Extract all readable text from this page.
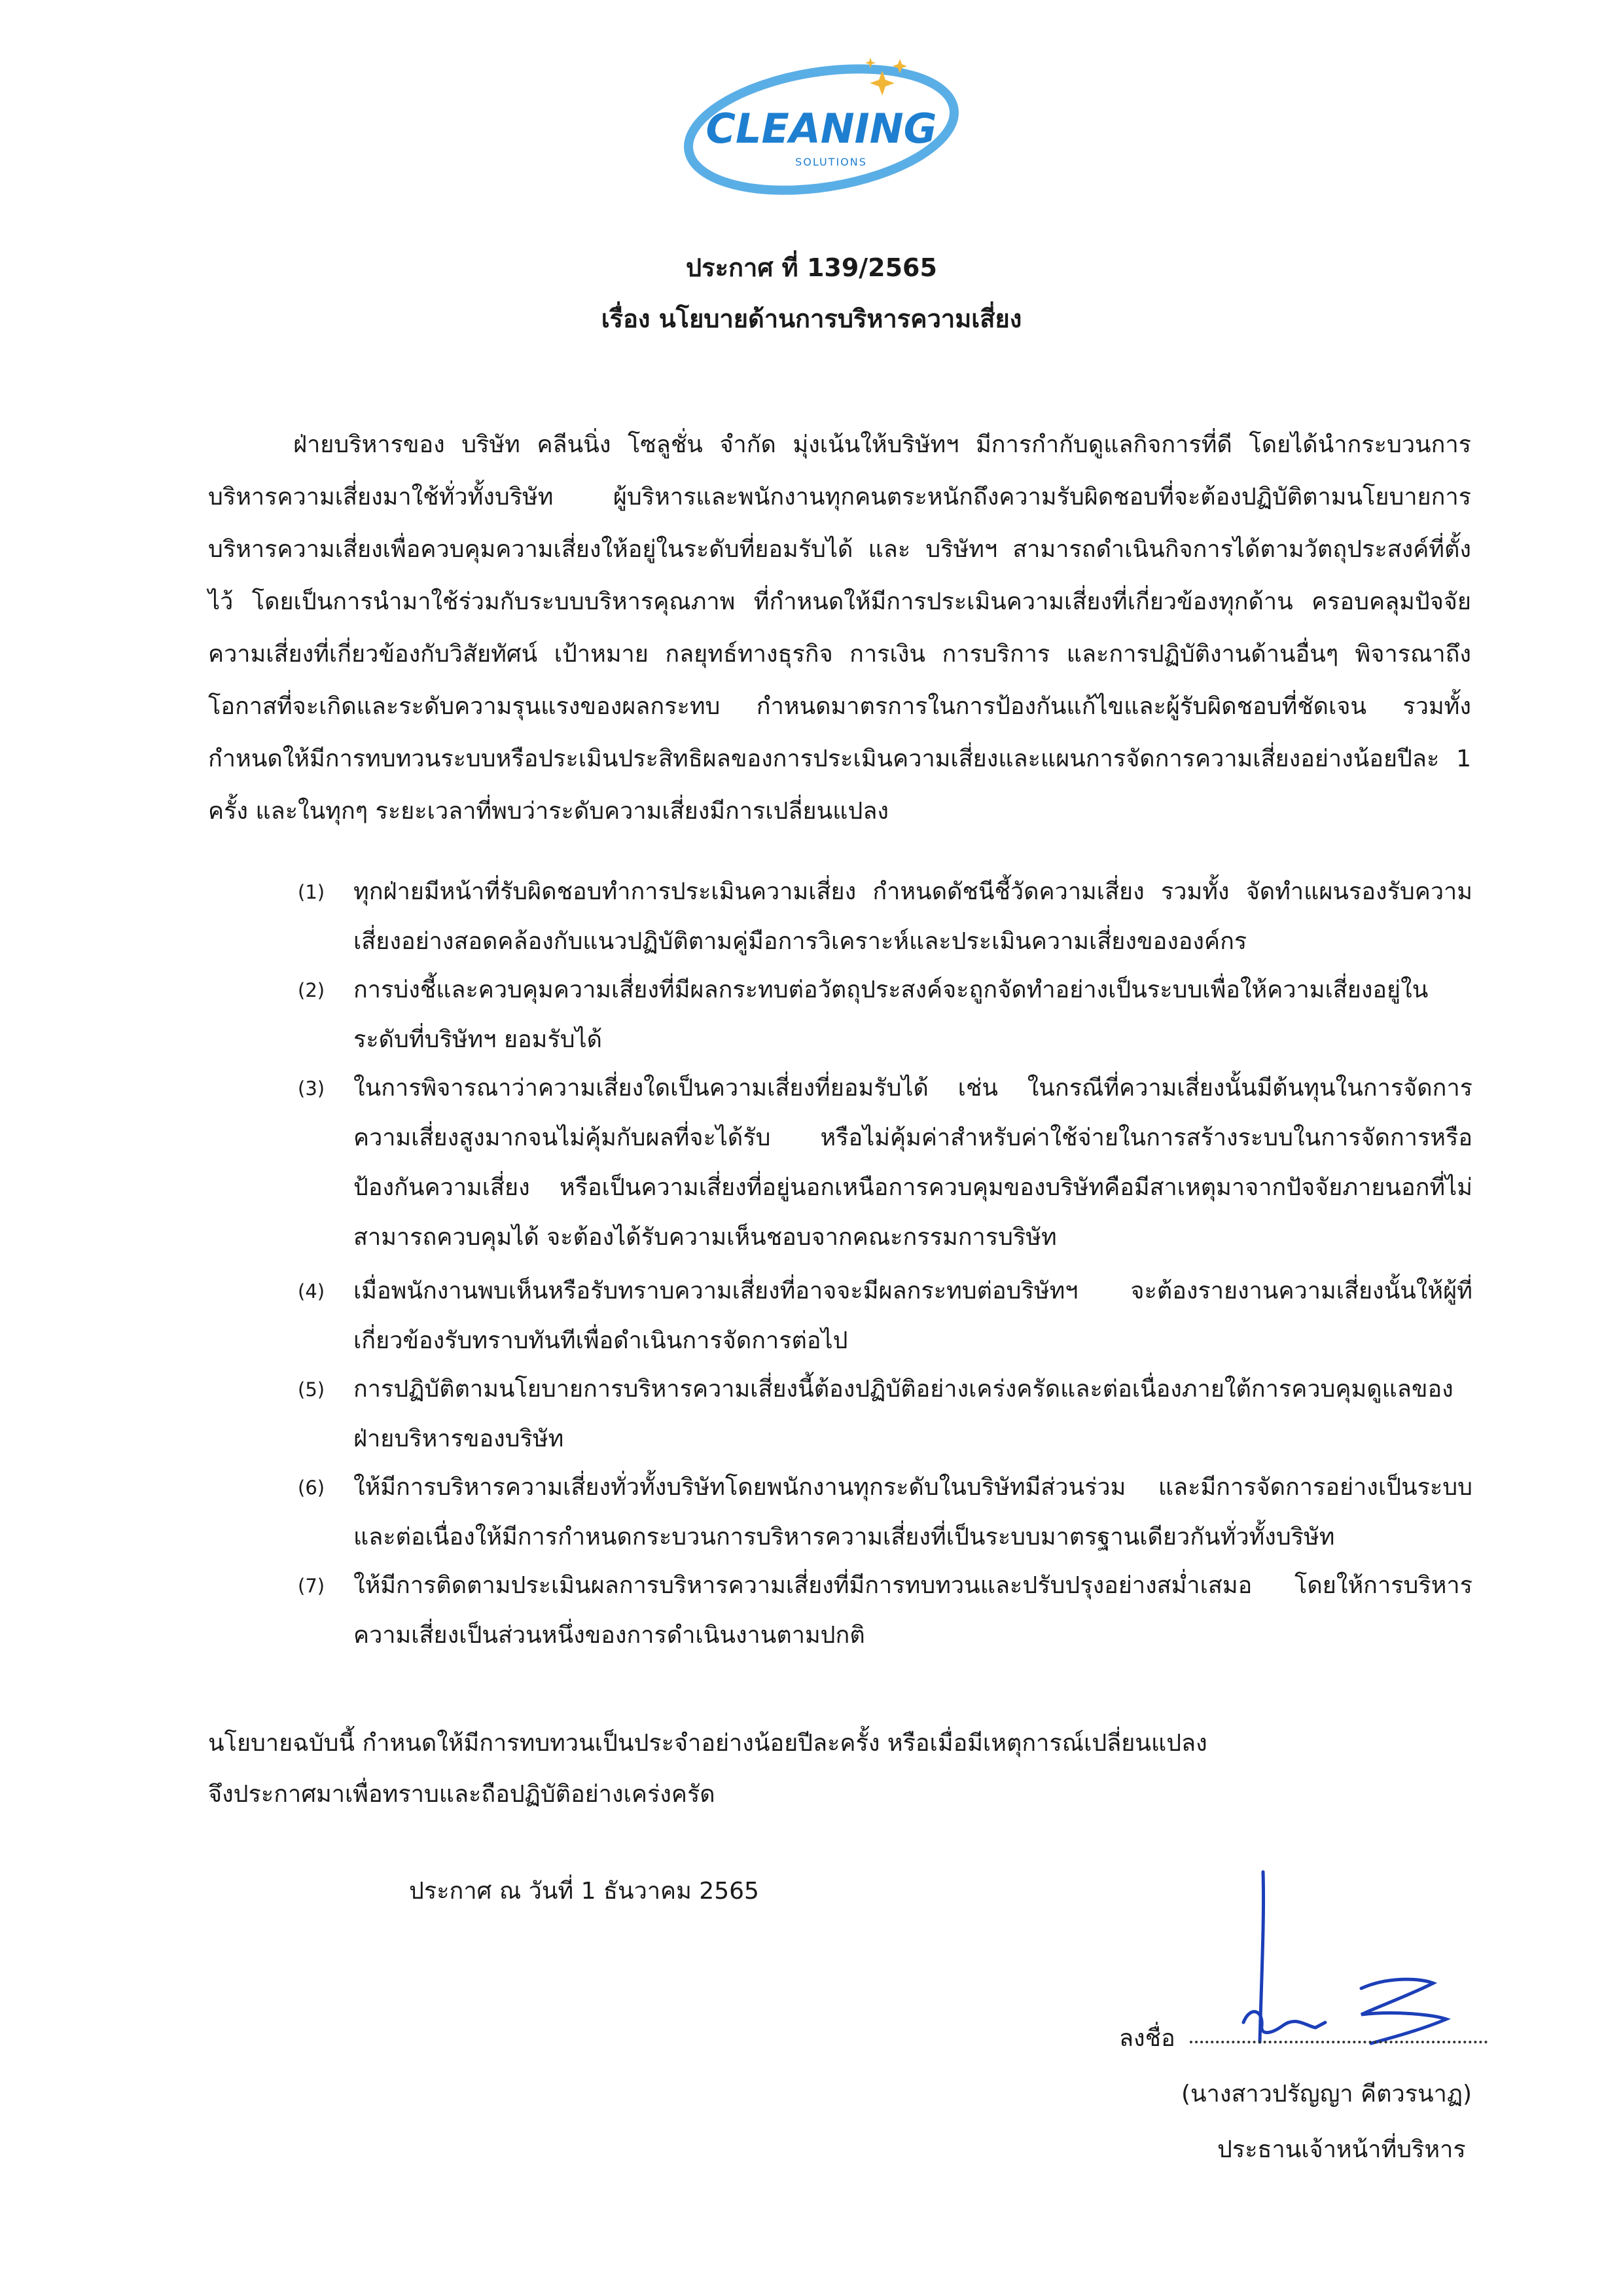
CLEANING
SOLUTIONS
ประกาศ ที่ 139/2565
เรื่อง นโยบายด้านการบริหารความเสี่ยง
ฝ่ายบริหารของ บริษัท คลีนนิ่ง โซลูชั่น จำกัด มุ่งเน้นให้บริษัทฯ มีการกำกับดูแลกิจการที่ดี โดยได้นำกระบวนการบริหารความเสี่ยงมาใช้ทั่วทั้งบริษัท ผู้บริหารและพนักงานทุกคนตระหนักถึงความรับผิดชอบที่จะต้องปฏิบัติตามนโยบายการบริหารความเสี่ยงเพื่อควบคุมความเสี่ยงให้อยู่ในระดับที่ยอมรับได้ และ บริษัทฯ สามารถดำเนินกิจการได้ตามวัตถุประสงค์ที่ตั้งไว้ โดยเป็นการนำมาใช้ร่วมกับระบบบริหารคุณภาพ ที่กำหนดให้มีการประเมินความเสี่ยงที่เกี่ยวข้องทุกด้าน ครอบคลุมปัจจัยความเสี่ยงที่เกี่ยวข้องกับวิสัยทัศน์ เป้าหมาย กลยุทธ์ทางธุรกิจ การเงิน การบริการ และการปฏิบัติงานด้านอื่นๆ พิจารณาถึงโอกาสที่จะเกิดและระดับความรุนแรงของผลกระทบ กำหนดมาตรการในการป้องกันแก้ไขและผู้รับผิดชอบที่ชัดเจน รวมทั้ง กำหนดให้มีการทบทวนระบบหรือประเมินประสิทธิผลของการประเมินความเสี่ยงและแผนการจัดการความเสี่ยงอย่างน้อยปีละ 1 ครั้ง และในทุกๆ ระยะเวลาที่พบว่าระดับความเสี่ยงมีการเปลี่ยนแปลง
(1) ทุกฝ่ายมีหน้าที่รับผิดชอบทำการประเมินความเสี่ยง กำหนดดัชนีชี้วัดความเสี่ยง รวมทั้ง จัดทำแผนรองรับความเสี่ยงอย่างสอดคล้องกับแนวปฏิบัติตามคู่มือการวิเคราะห์และประเมินความเสี่ยงขององค์กร
(2) การบ่งชี้และควบคุมความเสี่ยงที่มีผลกระทบต่อวัตถุประสงค์จะถูกจัดทำอย่างเป็นระบบเพื่อให้ความเสี่ยงอยู่ในระดับที่บริษัทฯ ยอมรับได้
(3) ในการพิจารณาว่าความเสี่ยงใดเป็นความเสี่ยงที่ยอมรับได้ เช่น ในกรณีที่ความเสี่ยงนั้นมีต้นทุนในการจัดการความเสี่ยงสูงมากจนไม่คุ้มกับผลที่จะได้รับ หรือไม่คุ้มค่าสำหรับค่าใช้จ่ายในการสร้างระบบในการจัดการหรือป้องกันความเสี่ยง หรือเป็นความเสี่ยงที่อยู่นอกเหนือการควบคุมของบริษัทคือมีสาเหตุมาจากปัจจัยภายนอกที่ไม่สามารถควบคุมได้ จะต้องได้รับความเห็นชอบจากคณะกรรมการบริษัท
(4) เมื่อพนักงานพบเห็นหรือรับทราบความเสี่ยงที่อาจจะมีผลกระทบต่อบริษัทฯ จะต้องรายงานความเสี่ยงนั้นให้ผู้ที่เกี่ยวข้องรับทราบทันทีเพื่อดำเนินการจัดการต่อไป
(5) การปฏิบัติตามนโยบายการบริหารความเสี่ยงนี้ต้องปฏิบัติอย่างเคร่งครัดและต่อเนื่องภายใต้การควบคุมดูแลของฝ่ายบริหารของบริษัท
(6) ให้มีการบริหารความเสี่ยงทั่วทั้งบริษัทโดยพนักงานทุกระดับในบริษัทมีส่วนร่วม และมีการจัดการอย่างเป็นระบบและต่อเนื่องให้มีการกำหนดกระบวนการบริหารความเสี่ยงที่เป็นระบบมาตรฐานเดียวกันทั่วทั้งบริษัท
(7) ให้มีการติดตามประเมินผลการบริหารความเสี่ยงที่มีการทบทวนและปรับปรุงอย่างสม่ำเสมอ โดยให้การบริหารความเสี่ยงเป็นส่วนหนึ่งของการดำเนินงานตามปกติ
นโยบายฉบับนี้ กำหนดให้มีการทบทวนเป็นประจำอย่างน้อยปีละครั้ง หรือเมื่อมีเหตุการณ์เปลี่ยนแปลง
จึงประกาศมาเพื่อทราบและถือปฏิบัติอย่างเคร่งครัด
ประกาศ ณ วันที่ 1 ธันวาคม 2565
ลงชื่อ
(นางสาวปรัญญา คีตวรนาฏ)
ประธานเจ้าหน้าที่บริหาร
